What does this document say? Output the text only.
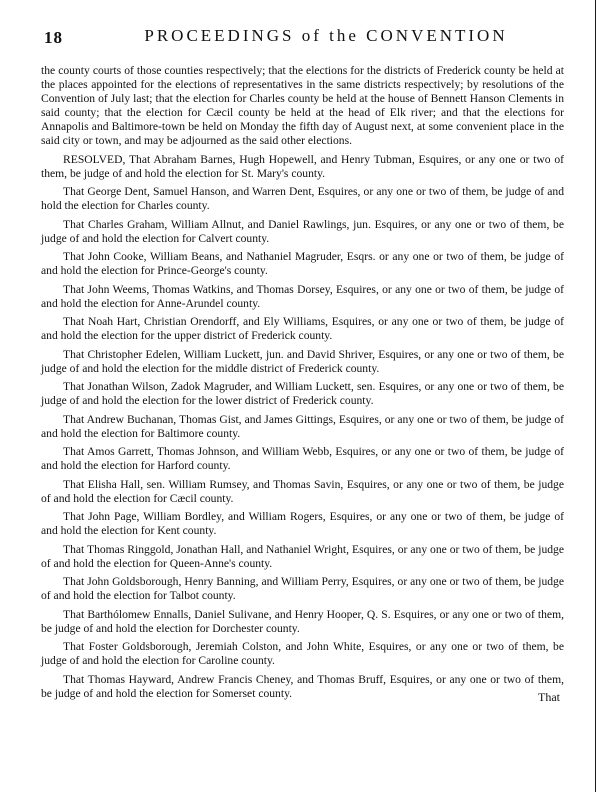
18	PROCEEDINGS of the CONVENTION

the county courts of those counties respectively; that the elections for the districts of Frederick county be held at the places appointed for the elections of representatives in the same districts respectively; by resolutions of the Convention of July last; that the election for Charles county be held at the house of Bennett Hanson Clements in said county; that the election for Cæcil county be held at the head of Elk river; and that the elections for Annapolis and Baltimore-town be held on Monday the fifth day of August next, at some convenient place in the said city or town, and may be adjourned as the said other elections.

RESOLVED, That Abraham Barnes, Hugh Hopewell, and Henry Tubman, Esquires, or any one or two of them, be judge of and hold the election for St. Mary's county.

That George Dent, Samuel Hanson, and Warren Dent, Esquires, or any one or two of them, be judge of and hold the election for Charles county.

That Charles Graham, William Allnut, and Daniel Rawlings, jun. Esquires, or any one or two of them, be judge of and hold the election for Calvert county.

That John Cooke, William Beans, and Nathaniel Magruder, Esqrs. or any one or two of them, be judge of and hold the election for Prince-George's county.

That John Weems, Thomas Watkins, and Thomas Dorsey, Esquires, or any one or two of them, be judge of and hold the election for Anne-Arundel county.

That Noah Hart, Christian Orendorff, and Ely Williams, Esquires, or any one or two of them, be judge of and hold the election for the upper district of Frederick county.

That Christopher Edelen, William Luckett, jun. and David Shriver, Esquires, or any one or two of them, be judge of and hold the election for the middle district of Frederick county.

That Jonathan Wilson, Zadok Magruder, and William Luckett, sen. Esquires, or any one or two of them, be judge of and hold the election for the lower district of Frederick county.

That Andrew Buchanan, Thomas Gist, and James Gittings, Esquires, or any one or two of them, be judge of and hold the election for Baltimore county.

That Amos Garrett, Thomas Johnson, and William Webb, Esquires, or any one or two of them, be judge of and hold the election for Harford county.

That Elisha Hall, sen. William Rumsey, and Thomas Savin, Esquires, or any one or two of them, be judge of and hold the election for Cæcil county.

That John Page, William Bordley, and William Rogers, Esquires, or any one or two of them, be judge of and hold the election for Kent county.

That Thomas Ringgold, Jonathan Hall, and Nathaniel Wright, Esquires, or any one or two of them, be judge of and hold the election for Queen-Anne's county.

That John Goldsborough, Henry Banning, and William Perry, Esquires, or any one or two of them, be judge of and hold the election for Talbot county.

That Barthólomew Ennalls, Daniel Sulivane, and Henry Hooper, Q. S. Esquires, or any one or two of them, be judge of and hold the election for Dorchester county.

That Foster Goldsborough, Jeremiah Colston, and John White, Esquires, or any one or two of them, be judge of and hold the election for Caroline county.

That Thomas Hayward, Andrew Francis Cheney, and Thomas Bruff, Esquires, or any one or two of them, be judge of and hold the election for Somerset county.	That
